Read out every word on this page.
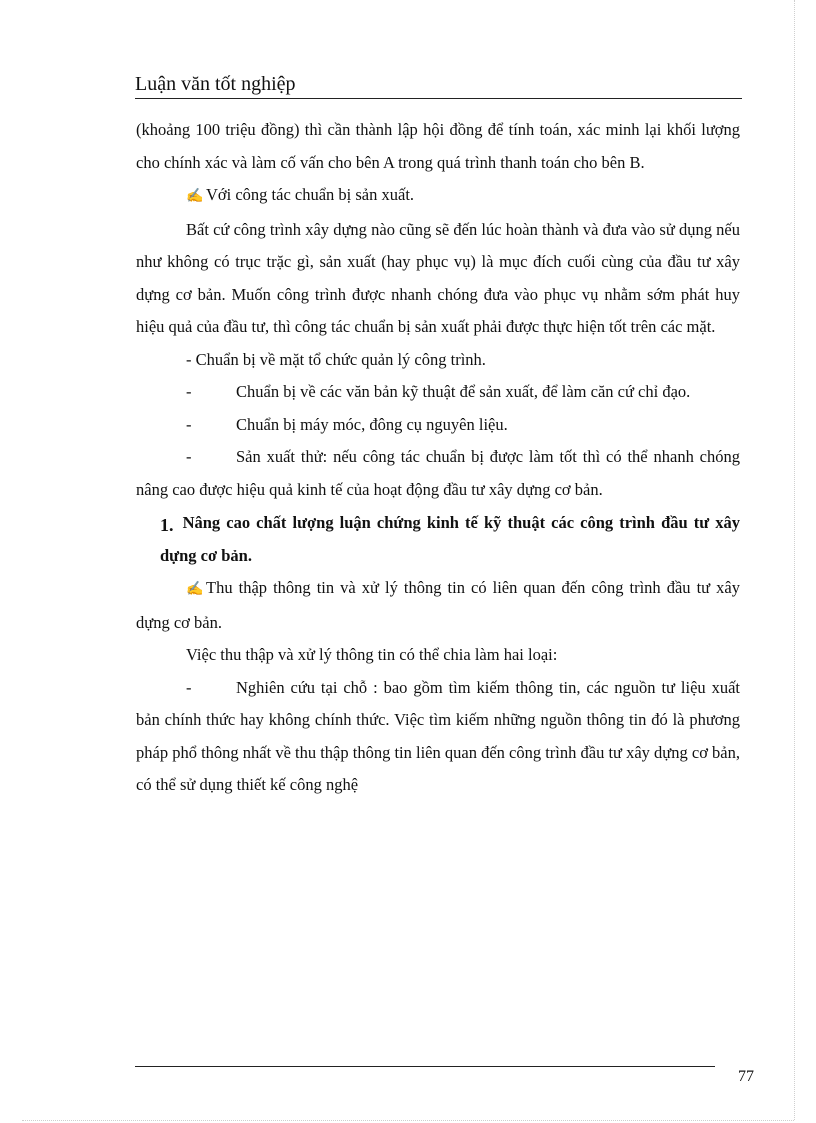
Luận văn tốt nghiệp

(khoảng 100 triệu đồng) thì cần thành lập hội đồng để tính toán, xác minh lại khối lượng cho chính xác và làm cố vấn cho bên A trong quá trình thanh toán cho bên B.

✍ Với công tác chuẩn bị sản xuất.

Bất cứ công trình xây dựng nào cũng sẽ đến lúc hoàn thành và đưa vào sử dụng nếu như không có trục trặc gì, sản xuất (hay phục vụ) là mục đích cuối cùng của đầu tư xây dựng cơ bản. Muốn công trình được nhanh chóng đưa vào phục vụ nhằm sớm phát huy hiệu quả của đầu tư, thì công tác chuẩn bị sản xuất phải được thực hiện tốt trên các mặt.

- Chuẩn bị về mặt tổ chức quản lý công trình.

-	Chuẩn bị về các văn bản kỹ thuật để sản xuất, để làm căn cứ chỉ đạo.

-	Chuẩn bị máy móc, đông cụ nguyên liệu.

-	Sản xuất thử: nếu công tác chuẩn bị được làm tốt thì có thể nhanh chóng nâng cao được hiệu quả kinh tế của hoạt động đầu tư xây dựng cơ bản.

1. Nâng cao chất lượng luận chứng kinh tế kỹ thuật các công trình đầu tư xây dựng cơ bản.

✍ Thu thập thông tin và xử lý thông tin có liên quan đến công trình đầu tư xây dựng cơ bản.

Việc thu thập và xử lý thông tin có thể chia làm hai loại:

-	Nghiên cứu tại chỗ : bao gồm tìm kiếm thông tin, các nguồn tư liệu xuất bản chính thức hay không chính thức. Việc tìm kiếm những nguồn thông tin đó là phương pháp phổ thông nhất về thu thập thông tin liên quan đến công trình đầu tư xây dựng cơ bản, có thể sử dụng thiết kế công nghệ

77
